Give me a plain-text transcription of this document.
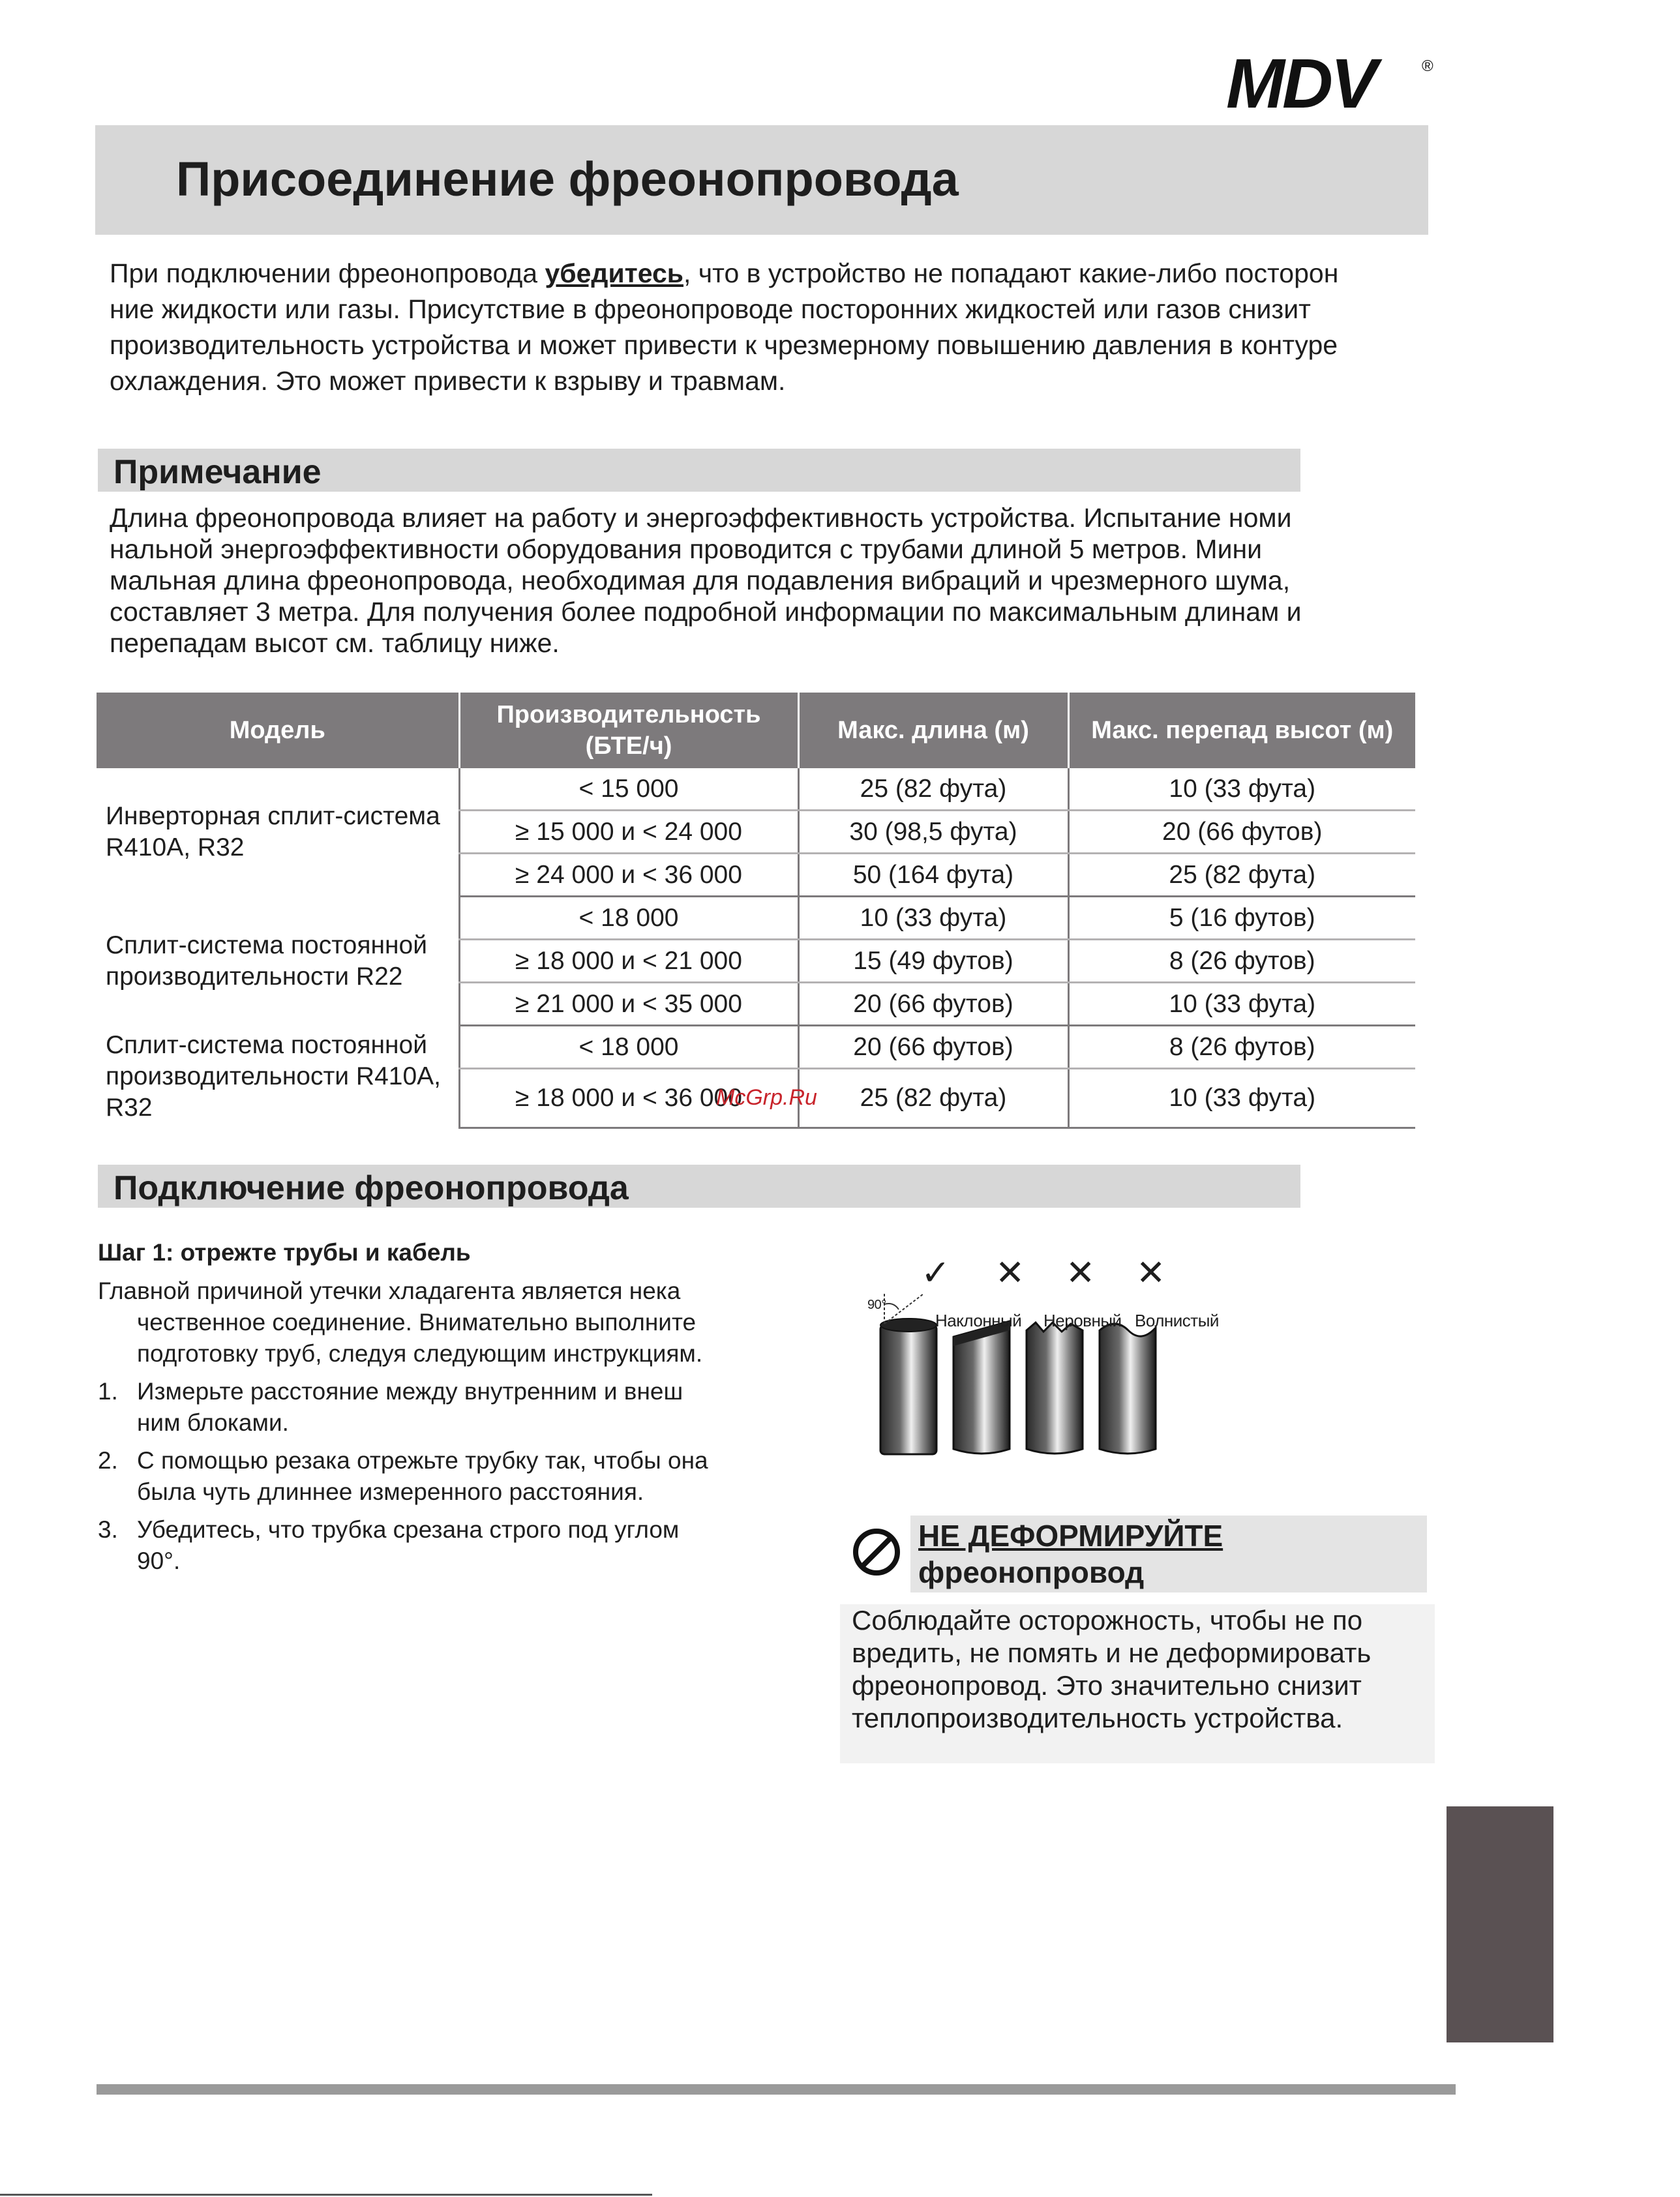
MDV	®
Присоединение фреонопровода
При подключении фреонопровода убедитесь, что в устройство не попадают какие-либо посторон
ние жидкости или газы. Присутствие в фреонопроводе посторонних жидкостей или газов снизит
производительность устройства и может привести к чрезмерному повышению давления в контуре
охлаждения. Это может привести к взрыву и травмам.
Примечание
Длина фреонопровода влияет на работу и энергоэффективность устройства. Испытание номи
нальной энергоэффективности оборудования проводится с трубами длиной 5 метров. Мини
мальная длина фреонопровода, необходимая для подавления вибраций и чрезмерного шума,
составляет 3 метра. Для получения более подробной информации по максимальным длинам и
перепадам высот см. таблицу ниже.
Модель	Производительность (БТЕ/ч)	Макс. длина (м)	Макс. перепад высот (м)
Инверторная сплит-система R410A, R32	< 15 000	25 (82 фута)	10 (33 фута)
	≥ 15 000 и < 24 000	30 (98,5 фута)	20 (66 футов)
	≥ 24 000 и < 36 000	50 (164 фута)	25 (82 фута)
Сплит-система постоянной производительности R22	< 18 000	10 (33 фута)	5 (16 футов)
	≥ 18 000 и < 21 000	15 (49 футов)	8 (26 футов)
	≥ 21 000 и < 35 000	20 (66 футов)	10 (33 фута)
Сплит-система постоянной производительности R410A, R32	< 18 000	20 (66 футов)	8 (26 футов)
	≥ 18 000 и < 36 000	25 (82 фута)	10 (33 фута)
McGrp.Ru
Подключение фреонопровода
Шаг 1: отрежте трубы и кабель
Главной причиной утечки хладагента является нека
чественное соединение. Внимательно выполните
подготовку труб, следуя следующим инструкциям.
1. Измерьте расстояние между внутренним и внеш
ним блоками.
2. С помощью резака отрежьте трубку так, чтобы она
была чуть длиннее измеренного расстояния.
3. Убедитесь, что трубка срезана строго под углом
90°.
90°
✓ ✕ ✕ ✕
Наклонный Неровный Волнистый
НЕ ДЕФОРМИРУЙТЕ
фреонопровод
Соблюдайте осторожность, чтобы не по
вредить, не помять и не деформировать
фреонопровод. Это значительно снизит
теплопроизводительность устройства.
Присоединение
трубок для
хладагента
